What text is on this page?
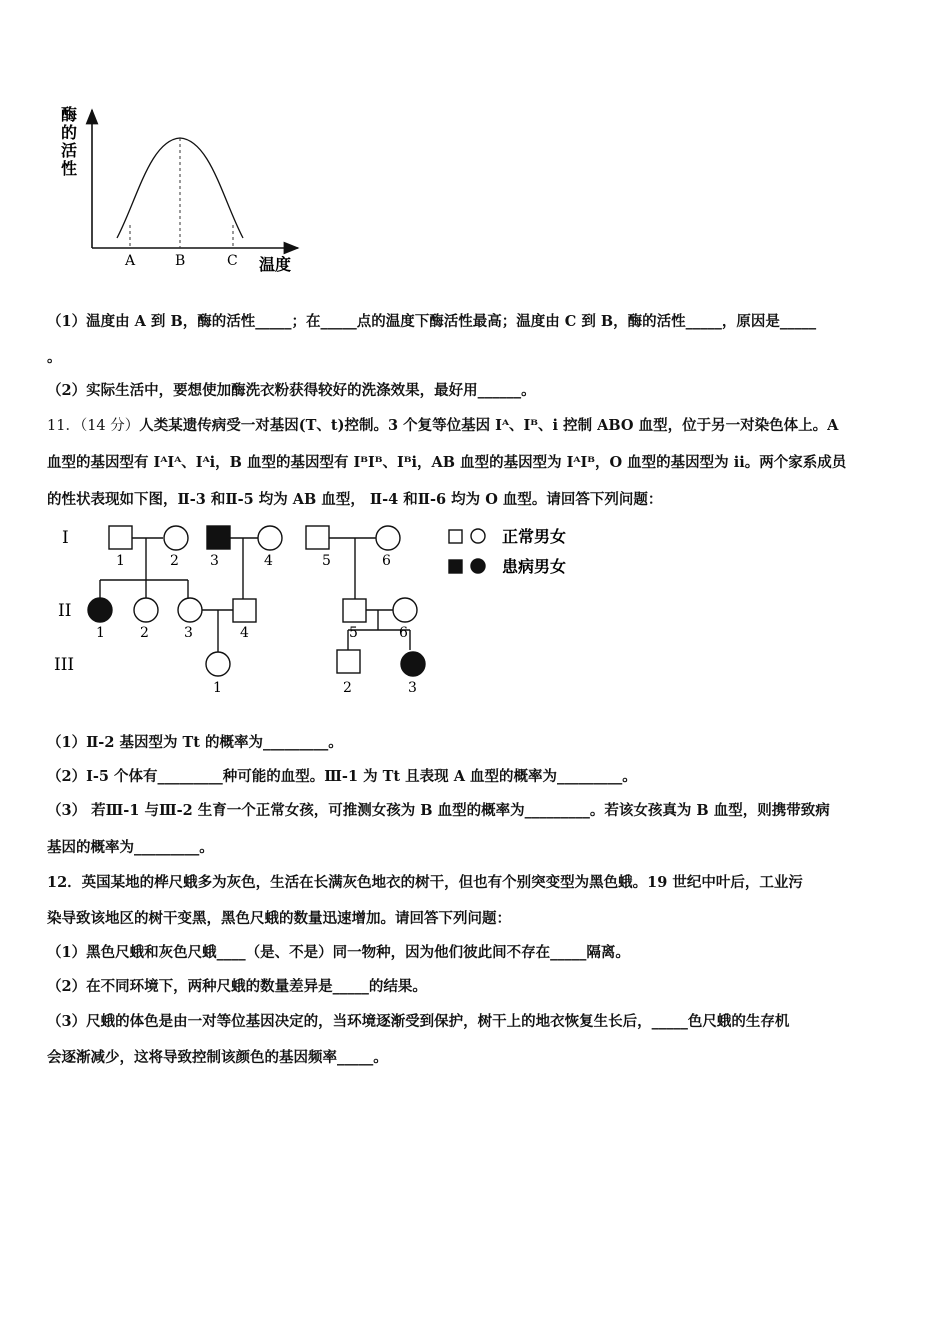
酶
的
活
性
A	B	C 温度
（1）温度由 A 到 B，酶的活性_____；在_____点的温度下酶活性最高；温度由 C 到 B，酶的活性_____，原因是_____
。
（2）实际生活中，要想使加酶洗衣粉获得较好的洗涤效果，最好用______。
11．（14 分）人类某遗传病受一对基因(T、t)控制。3 个复等位基因 Iᴬ、Iᴮ、i 控制 ABO 血型，位于另一对染色体上。A
血型的基因型有 IᴬIᴬ、Iᴬi，B 血型的基因型有 IᴮIᴮ、Iᴮi，AB 血型的基因型为 IᴬIᴮ，O 血型的基因型为 ii。两个家系成员
的性状表现如下图，Ⅱ-3 和Ⅱ-5 均为 AB 血型， Ⅱ-4 和Ⅱ-6 均为 O 血型。请回答下列问题：
I
II
III
1	2 3	4	5	6
1	2	3	4	5	6
1	2	3
正常男女
患病男女
（1）Ⅱ-2 基因型为 Tt 的概率为_________。
（2）Ⅰ-5 个体有_________种可能的血型。Ⅲ-1 为 Tt 且表现 A 血型的概率为_________。
（3） 若Ⅲ-1 与Ⅲ-2 生育一个正常女孩，可推测女孩为 B 血型的概率为_________。若该女孩真为 B 血型，则携带致病
基因的概率为_________。
12．英国某地的桦尺蛾多为灰色，生活在长满灰色地衣的树干，但也有个别突变型为黑色蛾。19 世纪中叶后，工业污
染导致该地区的树干变黑，黑色尺蛾的数量迅速增加。请回答下列问题：
（1）黑色尺蛾和灰色尺蛾____（是、不是）同一物种，因为他们彼此间不存在_____隔离。
（2）在不同环境下，两种尺蛾的数量差异是_____的结果。
（3）尺蛾的体色是由一对等位基因决定的，当环境逐渐受到保护，树干上的地衣恢复生长后，_____色尺蛾的生存机
会逐渐减少，这将导致控制该颜色的基因频率_____。
